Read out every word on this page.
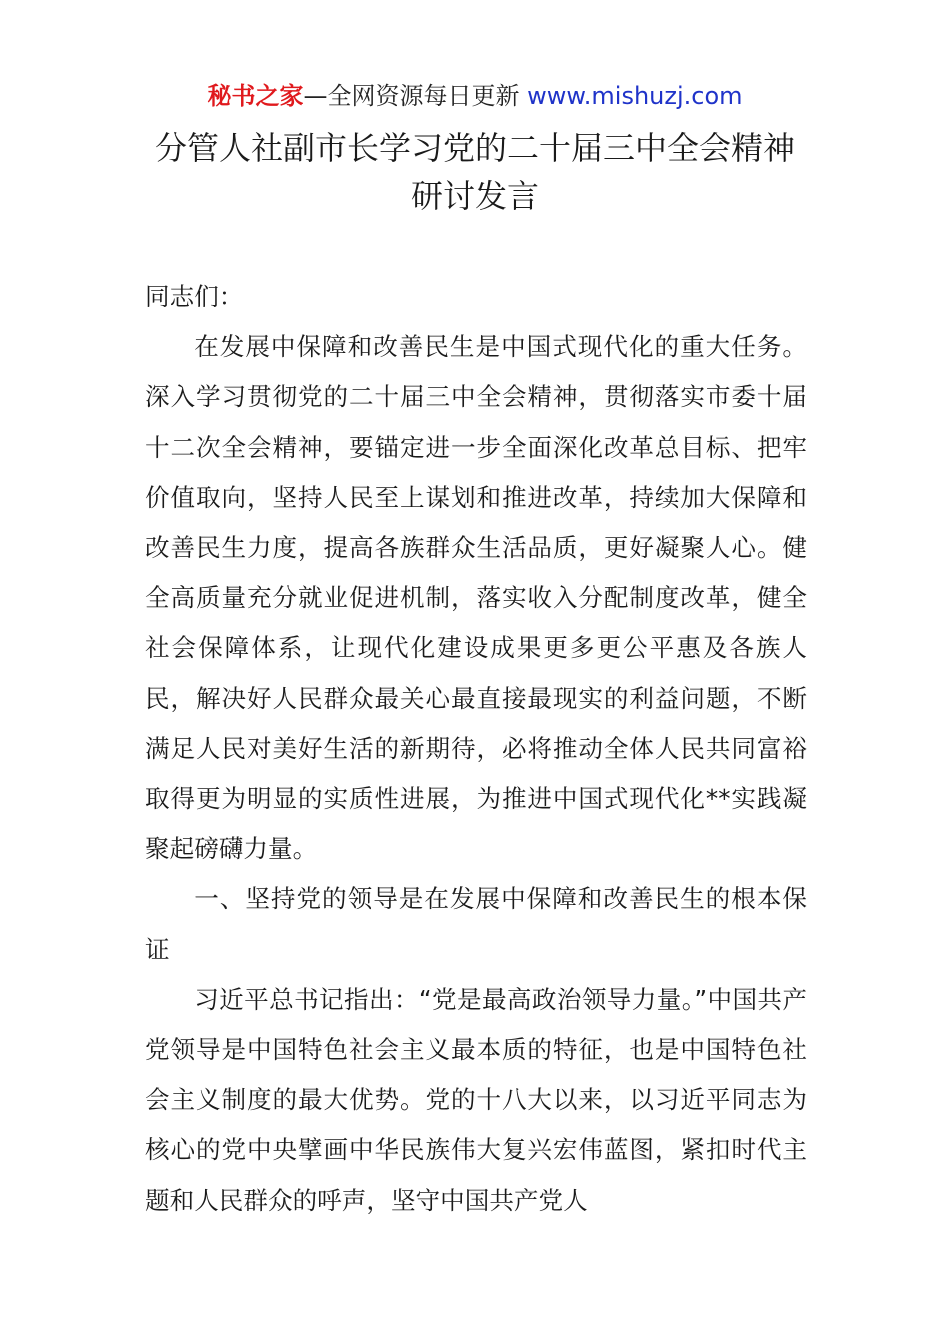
秘书之家—全网资源每日更新 www.mishuzj.com
分管人社副市长学习党的二十届三中全会精神
研讨发言

同志们：

在发展中保障和改善民生是中国式现代化的重大任务。深入学习贯彻党的二十届三中全会精神，贯彻落实市委十届十二次全会精神，要锚定进一步全面深化改革总目标、把牢价值取向，坚持人民至上谋划和推进改革，持续加大保障和改善民生力度，提高各族群众生活品质，更好凝聚人心。健全高质量充分就业促进机制，落实收入分配制度改革，健全社会保障体系，让现代化建设成果更多更公平惠及各族人民，解决好人民群众最关心最直接最现实的利益问题，不断满足人民对美好生活的新期待，必将推动全体人民共同富裕取得更为明显的实质性进展，为推进中国式现代化**实践凝聚起磅礴力量。

一、坚持党的领导是在发展中保障和改善民生的根本保证

习近平总书记指出：“党是最高政治领导力量。”中国共产党领导是中国特色社会主义最本质的特征，也是中国特色社会主义制度的最大优势。党的十八大以来，以习近平同志为核心的党中央擘画中华民族伟大复兴宏伟蓝图，紧扣时代主题和人民群众的呼声，坚守中国共产党人
